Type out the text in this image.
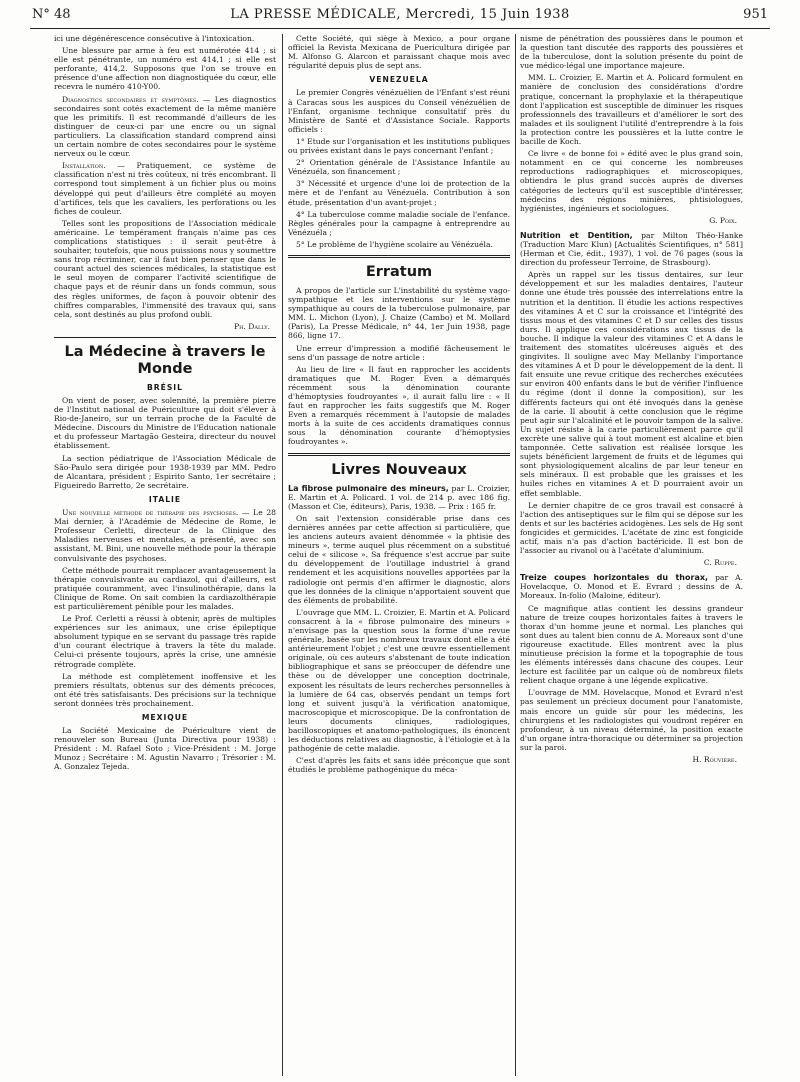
N° 48	LA PRESSE MÉDICALE, Mercredi, 15 Juin 1938	951

ici une dégénérescence consécutive à l'intoxication.

Une blessure par arme à feu est numérotée 414 ; si elle est pénétrante, un numéro est 414,1 ; si elle est perforante, 414,2. Supposons que l'on se trouve en présence d'une affection non diagnostiquée du cœur, elle recevra le numéro 410-Y00.

Diagnostics secondaires et symptômes. — Les diagnostics secondaires sont cotés exactement de la même manière que les primitifs. Il est recommandé d'ailleurs de les distinguer de ceux-ci par une encre ou un signal particuliers. La classification standard comprend ainsi un certain nombre de cotes secondaires pour le système nerveux ou le cœur.

Installation. — Pratiquement, ce système de classification n'est ni très coûteux, ni très encombrant. Il correspond tout simplement à un fichier plus ou moins développé qui peut d'ailleurs être complété au moyen d'artifices, tels que les cavaliers, les perforations ou les fiches de couleur.

Telles sont les propositions de l'Association médicale américaine. Le tempérament français n'aime pas ces complications statistiques : il serait peut-être à souhaiter, toutefois, que nous puissions nous y soumettre sans trop récriminer, car il faut bien penser que dans le courant actuel des sciences médicales, la statistique est le seul moyen de comparer l'activité scientifique de chaque pays et de réunir dans un fonds commun, sous des règles uniformes, de façon à pouvoir obtenir des chiffres comparables, l'immensité des travaux qui, sans cela, sont destinés au plus profond oubli.

Ph. Dally.

La Médecine à travers le Monde
BRÉSIL

On vient de poser, avec solennité, la première pierre de l'Institut national de Puériculture qui doit s'élever à Rio-de-Janeiro, sur un terrain proche de la Faculté de Médecine. Discours du Ministre de l'Education nationale et du professeur Martagão Gesteira, directeur du nouvel établissement.

La section pédiatrique de l'Association Médicale de São-Paulo sera dirigée pour 1938-1939 par MM. Pedro de Alcantara, président ; Espirito Santo, 1er secrétaire ; Figueiredo Barretto, 2e secrétaire.

ITALIE

Une nouvelle méthode de thérapie des psychoses. — Le 28 Mai dernier, à l'Académie de Médecine de Rome, le Professeur Cerletti, directeur de la Clinique des Maladies nerveuses et mentales, a présenté, avec son assistant, M. Bini, une nouvelle méthode pour la thérapie convulsivante des psychoses.

Cette méthode pourrait remplacer avantageusement la thérapie convulsivante au cardiazol, qui d'ailleurs, est pratiquée couramment, avec l'insulinothérapie, dans la Clinique de Rome. On sait combien la cardiazolthérapie est particulièrement pénible pour les malades.

Le Prof. Cerletti a réussi à obtenir, après de multiples expériences sur les animaux, une crise épileptique absolument typique en se servant du passage très rapide d'un courant électrique à travers la tête du malade. Celui-ci présente toujours, après la crise, une amnésie rétrograde complète.

La méthode est complètement inoffensive et les premiers résultats, obtenus sur des déments précoces, ont été très satisfaisants. Des précisions sur la technique seront données très prochainement.

MEXIQUE

La Société Mexicaine de Puériculture vient de renouveler son Bureau (Junta Directiva pour 1938) : Président : M. Rafael Soto ; Vice-Président : M. Jorge Munoz ; Secrétaire : M. Agustin Navarro ; Trésorier : M. A. Gonzalez Tejeda.

Cette Société, qui siège à Mexico, a pour organe officiel la Revista Mexicana de Puericultura dirigée par M. Alfonso G. Alarcon et paraissant chaque mois avec régularité depuis plus de sept ans.

VENEZUELA

Le premier Congrès vénézuélien de l'Enfant s'est réuni à Caracas sous les auspices du Conseil vénézuélien de l'Enfant, organisme technique consultatif près du Ministère de Santé et d'Assistance Sociale. Rapports officiels :

1° Etude sur l'organisation et les institutions publiques ou privées existant dans le pays concernant l'enfant ;

2° Orientation générale de l'Assistance Infantile au Vénézuéla, son financement ;

3° Nécessité et urgence d'une loi de protection de la mère et de l'enfant au Vénézuéla. Contribution à son étude, présentation d'un avant-projet ;

4° La tuberculose comme maladie sociale de l'enfance. Règles générales pour la campagne à entreprendre au Vénézuéla ;

5° Le problème de l'hygiène scolaire au Vénézuéla.

Erratum

A propos de l'article sur L'instabilité du système vago-sympathique et les interventions sur le système sympathique au cours de la tuberculose pulmonaire, par MM. L. Michon (Lyon), J. Chaize (Cambo) et M. Mollard (Paris), La Presse Médicale, n° 44, 1er Juin 1938, page 866, ligne 17.

Une erreur d'impression a modifié fâcheusement le sens d'un passage de notre article :

Au lieu de lire « Il faut en rapprocher les accidents dramatiques que M. Roger Even a démarqués récemment sous la dénomination courante d'hémoptysies foudroyantes », il aurait fallu lire : « Il faut en rapprocher les faits suggestifs que M. Roger Even a remarqués récemment à l'autopsie de malades morts à la suite de ces accidents dramatiques connus sous la dénomination courante d'hémoptysies foudroyantes ».

Livres Nouveaux

La fibrose pulmonaire des mineurs, par L. Croizier, E. Martin et A. Policard. 1 vol. de 214 p. avec 186 fig. (Masson et Cie, éditeurs), Paris, 1938. — Prix : 165 fr.

On sait l'extension considérable prise dans ces dernières années par cette affection si particulière, que les anciens auteurs avaient dénommée « la phtisie des mineurs », terme auquel plus récemment on a substitué celui de « silicose ». Sa fréquence s'est accrue par suite du développement de l'outillage industriel à grand rendement et les acquisitions nouvelles apportées par la radiologie ont permis d'en affirmer le diagnostic, alors que les données de la clinique n'apportaient souvent que des éléments de probabilité.

L'ouvrage que MM. L. Croizier, E. Martin et A. Policard consacrent à la « fibrose pulmonaire des mineurs » n'envisage pas la question sous la forme d'une revue générale, basée sur les nombreux travaux dont elle a été antérieurement l'objet ; c'est une œuvre essentiellement originale, où ces auteurs s'abstenant de toute indication bibliographique et sans se préoccuper de défendre une thèse ou de développer une conception doctrinale, exposent les résultats de leurs recherches personnelles à la lumière de 64 cas, observés pendant un temps fort long et suivent jusqu'à la vérification anatomique, macroscopique et microscopique. De la confrontation de leurs documents cliniques, radiologiques, bacilloscopiques et anatomo-pathologiques, ils énoncent les déductions relatives au diagnostic, à l'étiologie et à la pathogénie de cette maladie.

C'est d'après les faits et sans idée préconçue que sont étudiés le problème pathogénique du méca-

nisme de pénétration des poussières dans le poumon et la question tant discutée des rapports des poussières et de la tuberculose, dont la solution présente du point de vue médico-légal une importance majeure.

MM. L. Croizier, E. Martin et A. Policard formulent en manière de conclusion des considérations d'ordre pratique, concernant la prophylaxie et la thérapeutique dont l'application est susceptible de diminuer les risques professionnels des travailleurs et d'améliorer le sort des malades et ils soulignent l'utilité d'entreprendre à la fois la protection contre les poussières et la lutte contre le bacille de Koch.

Ce livre « de bonne foi » édité avec le plus grand soin, notamment en ce qui concerne les nombreuses reproductions radiographiques et microscopiques, obtiendra le plus grand succès auprès de diverses catégories de lecteurs qu'il est susceptible d'intéresser, médecins des régions minières, phtisiologues, hygiénistes, ingénieurs et sociologues.

G. Poix.

Nutrition et Dentition, par Milton Théo-Hanke (Traduction Marc Klun) [Actualités Scientifiques, n° 581] (Herman et Cie, édit., 1937), 1 vol. de 76 pages (sous la direction du professeur Terroine, de Strasbourg).

Après un rappel sur les tissus dentaires, sur leur développement et sur les maladies dentaires, l'auteur donne une étude très poussée des interrelations entre la nutrition et la dentition. Il étudie les actions respectives des vitamines A et C sur la croissance et l'intégrité des tissus mous et des vitamines C et D sur celles des tissus durs. Il applique ces considérations aux tissus de la bouche. Il indique la valeur des vitamines C et A dans le traitement des stomatites ulcéreuses aiguës et des gingivites. Il souligne avec May Mellanby l'importance des vitamines A et D pour le développement de la dent. Il fait ensuite une revue critique des recherches exécutées sur environ 400 enfants dans le but de vérifier l'influence du régime (dont il donne la composition), sur les différents facteurs qui ont été invoqués dans la genèse de la carie. Il aboutit à cette conclusion que le régime peut agir sur l'alcalinité et le pouvoir tampon de la salive. Un sujet résiste à la carie particulièrement parce qu'il excrète une salive qui à tout moment est alcaline et bien tamponnée. Cette salivation est réalisée lorsque les sujets bénéficient largement de fruits et de légumes qui sont physiologiquement alcalins de par leur teneur en sels minéraux. Il est probable que les graisses et les huiles riches en vitamines A et D pourraient avoir un effet semblable.

Le dernier chapitre de ce gros travail est consacré à l'action des antiseptiques sur le film qui se dépose sur les dents et sur les bactéries acidogènes. Les sels de Hg sont fongicides et germicides. L'acétate de zinc est fongicide actif, mais n'a pas d'action bactéricide. Il est bon de l'associer au rivanol ou à l'acétate d'aluminium.

C. Ruppe.

Treize coupes horizontales du thorax, par A. Hovelacque, O. Monod et E. Evrard ; dessins de A. Moreaux. In-folio (Maloine, éditeur).

Ce magnifique atlas contient les dessins grandeur nature de treize coupes horizontales faites à travers le thorax d'un homme jeune et normal. Les planches qui sont dues au talent bien connu de A. Moreaux sont d'une rigoureuse exactitude. Elles montrent avec la plus minutieuse précision la forme et la topographie de tous les éléments intéressés dans chacune des coupes. Leur lecture est facilitée par un calque où de nombreux filets relient chaque organe à une légende explicative.

L'ouvrage de MM. Hovelacque, Monod et Evrard n'est pas seulement un précieux document pour l'anatomiste, mais encore un guide sûr pour les médecins, les chirurgiens et les radiologistes qui voudront repérer en profondeur, à un niveau déterminé, la position exacte d'un organe intra-thoracique ou déterminer sa projection sur la paroi.

H. Rouvière.
